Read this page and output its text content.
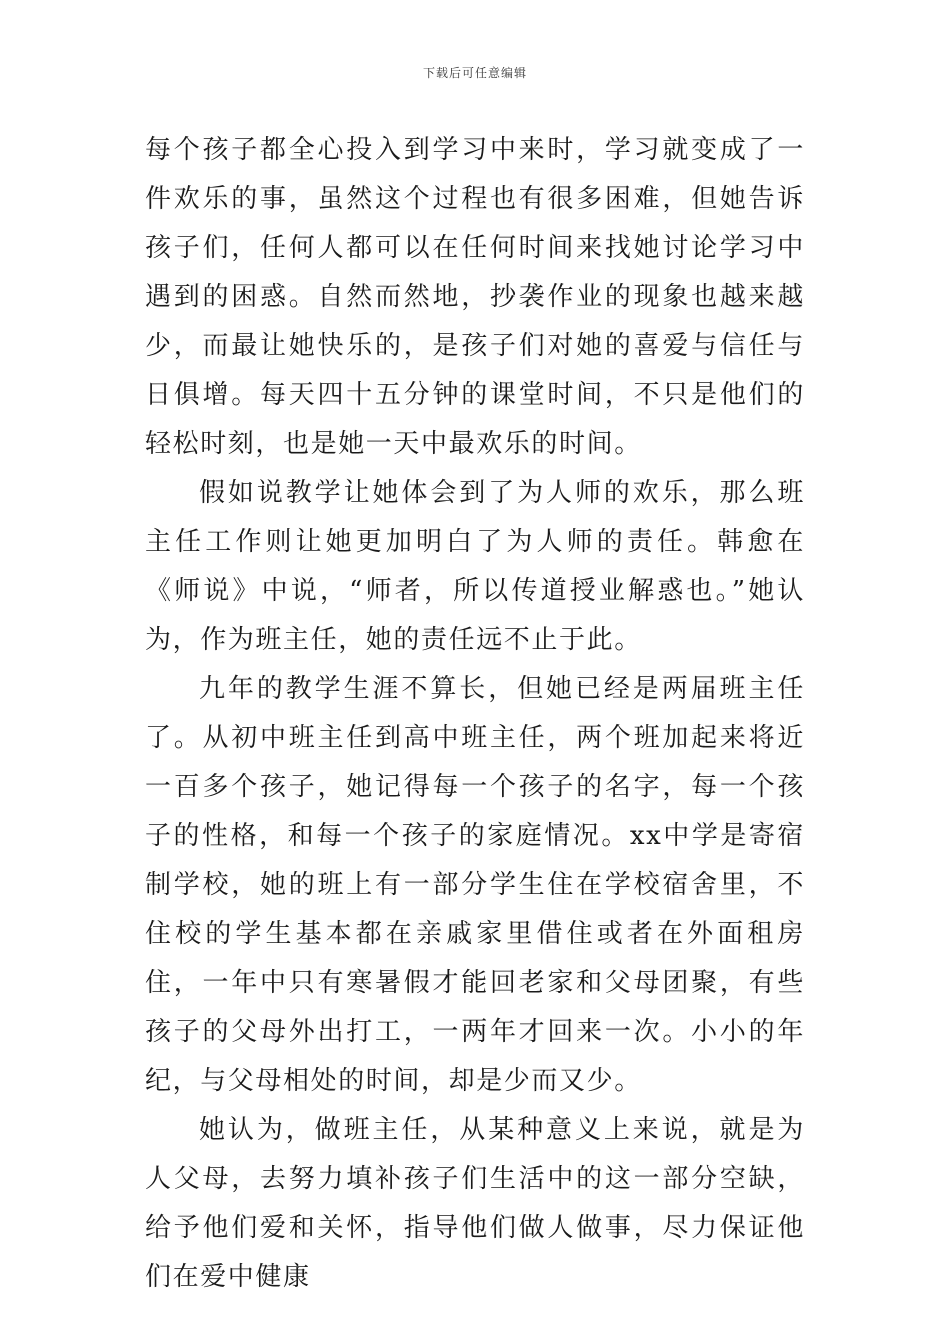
下载后可任意编辑

每个孩子都全心投入到学习中来时，学习就变成了一件欢乐的事，虽然这个过程也有很多困难，但她告诉孩子们，任何人都可以在任何时间来找她讨论学习中遇到的困惑。自然而然地，抄袭作业的现象也越来越少，而最让她快乐的，是孩子们对她的喜爱与信任与日俱增。每天四十五分钟的课堂时间，不只是他们的轻松时刻，也是她一天中最欢乐的时间。

假如说教学让她体会到了为人师的欢乐，那么班主任工作则让她更加明白了为人师的责任。韩愈在《师说》中说，“师者，所以传道授业解惑也。”她认为，作为班主任，她的责任远不止于此。

九年的教学生涯不算长，但她已经是两届班主任了。从初中班主任到高中班主任，两个班加起来将近一百多个孩子，她记得每一个孩子的名字，每一个孩子的性格，和每一个孩子的家庭情况。xx中学是寄宿制学校，她的班上有一部分学生住在学校宿舍里，不住校的学生基本都在亲戚家里借住或者在外面租房住，一年中只有寒暑假才能回老家和父母团聚，有些孩子的父母外出打工，一两年才回来一次。小小的年纪，与父母相处的时间，却是少而又少。

她认为，做班主任，从某种意义上来说，就是为人父母，去努力填补孩子们生活中的这一部分空缺，给予他们爱和关怀，指导他们做人做事，尽力保证他们在爱中健康
